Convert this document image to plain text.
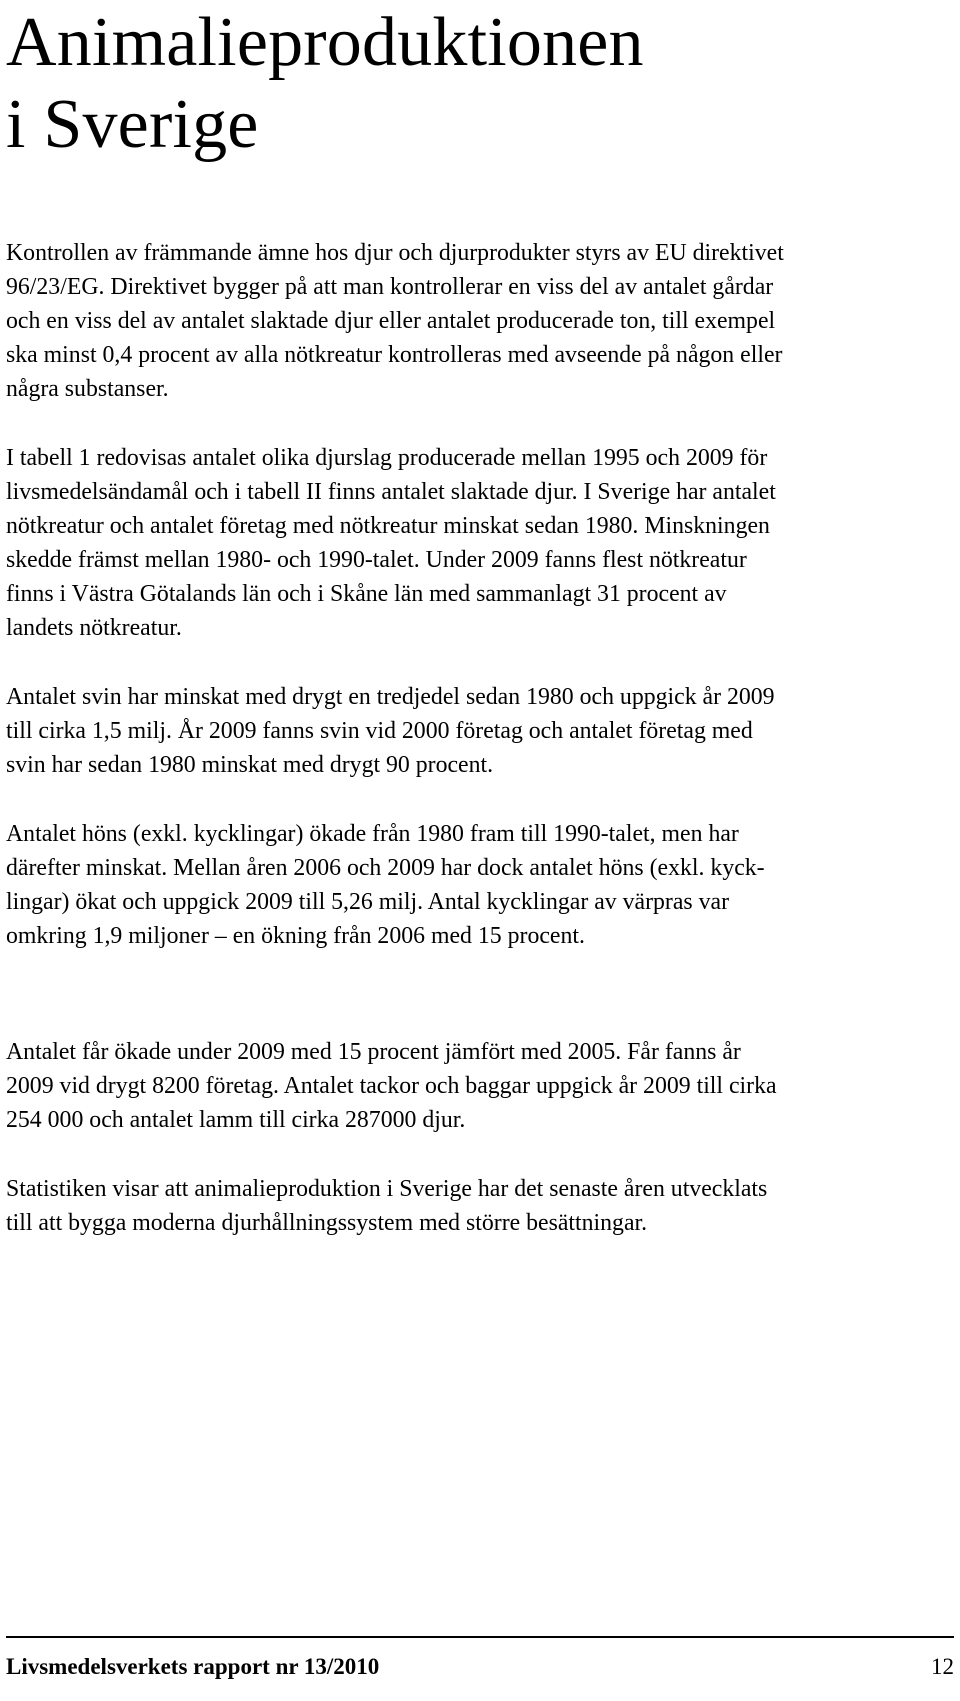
Animalieproduktionen
i Sverige

Kontrollen av främmande ämne hos djur och djurprodukter styrs av EU direktivet
96/23/EG. Direktivet bygger på att man kontrollerar en viss del av antalet gårdar
och en viss del av antalet slaktade djur eller antalet producerade ton, till exempel
ska minst 0,4 procent av alla nötkreatur kontrolleras med avseende på någon eller
några substanser.

I tabell 1 redovisas antalet olika djurslag producerade mellan 1995 och 2009 för
livsmedelsändamål och i tabell II finns antalet slaktade djur. I Sverige har antalet
nötkreatur och antalet företag med nötkreatur minskat sedan 1980. Minskningen
skedde främst mellan 1980- och 1990-talet. Under 2009 fanns flest nötkreatur
finns i Västra Götalands län och i Skåne län med sammanlagt 31 procent av
landets nötkreatur.

Antalet svin har minskat med drygt en tredjedel sedan 1980 och uppgick år 2009
till cirka 1,5 milj. År 2009 fanns svin vid 2000 företag och antalet företag med
svin har sedan 1980 minskat med drygt 90 procent.

Antalet höns (exkl. kycklingar) ökade från 1980 fram till 1990-talet, men har
därefter minskat. Mellan åren 2006 och 2009 har dock antalet höns (exkl. kyck-
lingar) ökat och uppgick 2009 till 5,26 milj. Antal kycklingar av värpras var
omkring 1,9 miljoner – en ökning från 2006 med 15 procent.

Antalet får ökade under 2009 med 15 procent jämfört med 2005. Får fanns år
2009 vid drygt 8200 företag. Antalet tackor och baggar uppgick år 2009 till cirka
254 000 och antalet lamm till cirka 287000 djur.

Statistiken visar att animalieproduktion i Sverige har det senaste åren utvecklats
till att bygga moderna djurhållningssystem med större besättningar.

Livsmedelsverkets rapport nr 13/2010	12
